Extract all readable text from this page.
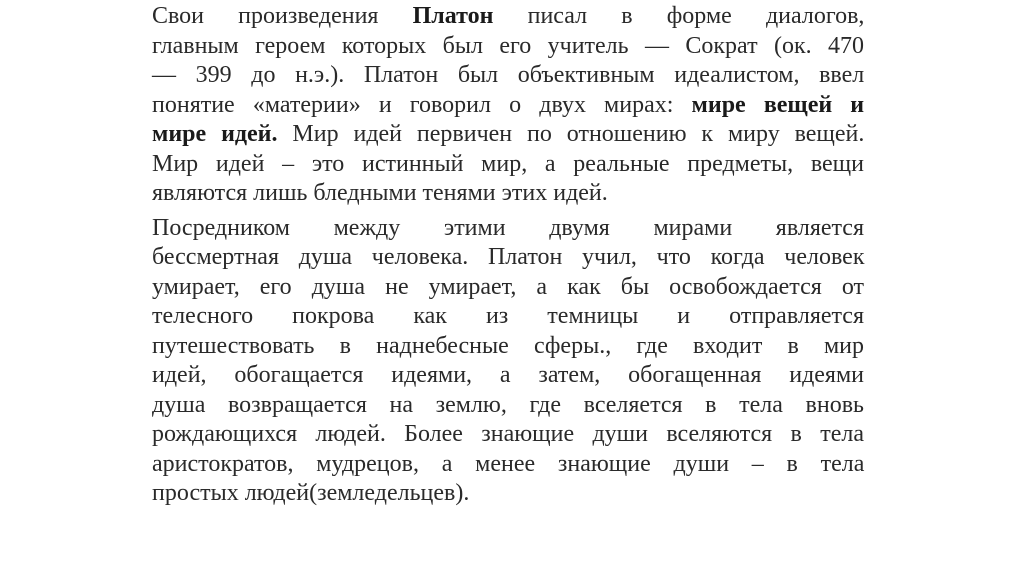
Свои произведения Платон писал в форме диалогов,
главным героем которых был его учитель — Сократ (ок. 470
— 399 до н.э.). Платон был объективным идеалистом, ввел
понятие «материи» и говорил о двух мирах: мире вещей и
мире идей. Мир идей первичен по отношению к миру вещей.
Мир идей – это истинный мир, а реальные предметы, вещи
являются лишь бледными тенями этих идей.
Посредником между этими двумя мирами является
бессмертная душа человека. Платон учил, что когда человек
умирает, его душа не умирает, а как бы освобождается от
телесного покрова как из темницы и отправляется
путешествовать в наднебесные сферы., где входит в мир
идей, обогащается идеями, а затем, обогащенная идеями
душа возвращается на землю, где вселяется в тела вновь
рождающихся людей. Более знающие души вселяются в тела
аристократов, мудрецов, а менее знающие души – в тела
простых людей(земледельцев).
